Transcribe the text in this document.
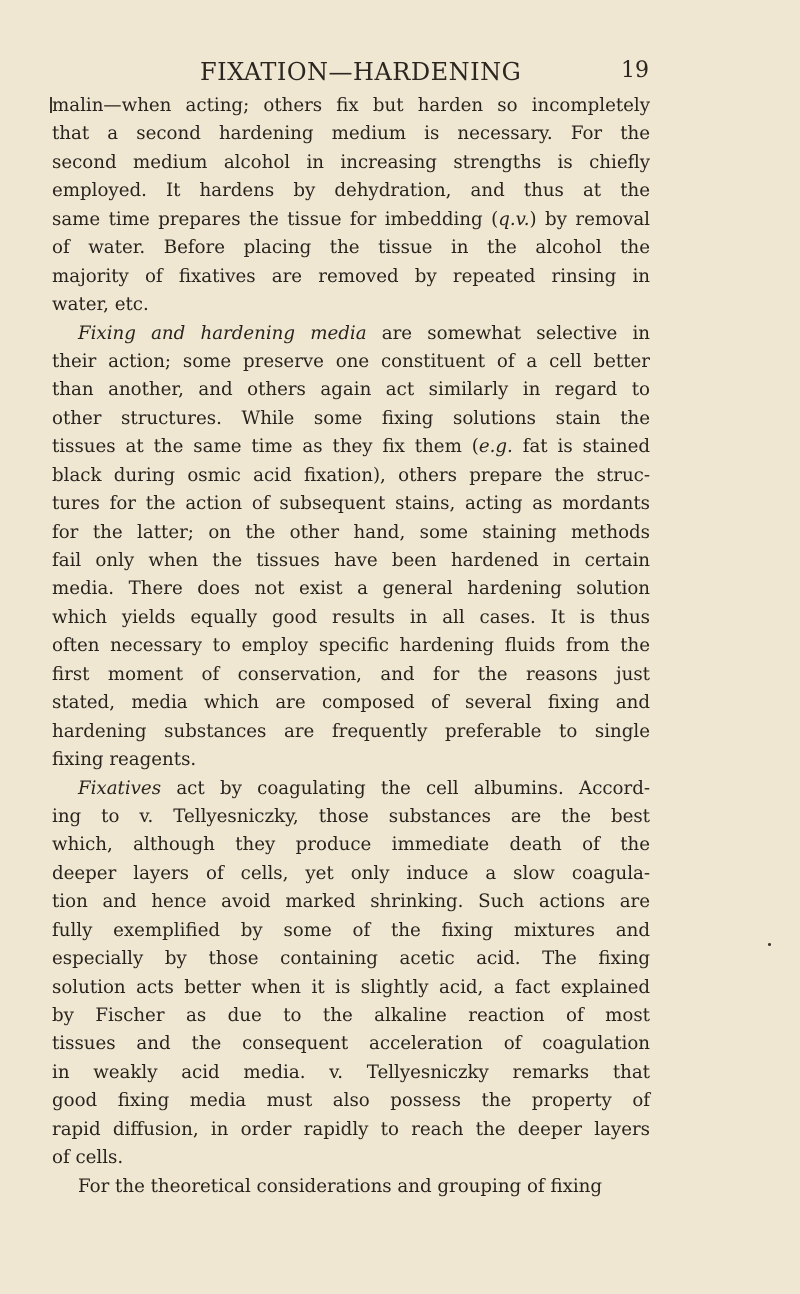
FIXATION—HARDENING	19
malin—when acting; others fix but harden so incompletely
that a second hardening medium is necessary. For the
second medium alcohol in increasing strengths is chiefly
employed. It hardens by dehydration, and thus at the
same time prepares the tissue for imbedding (q.v.) by removal
of water. Before placing the tissue in the alcohol the
majority of fixatives are removed by repeated rinsing in
water, etc.
Fixing and hardening media are somewhat selective in
their action; some preserve one constituent of a cell better
than another, and others again act similarly in regard to
other structures. While some fixing solutions stain the
tissues at the same time as they fix them (e.g. fat is stained
black during osmic acid fixation), others prepare the struc-
tures for the action of subsequent stains, acting as mordants
for the latter; on the other hand, some staining methods
fail only when the tissues have been hardened in certain
media. There does not exist a general hardening solution
which yields equally good results in all cases. It is thus
often necessary to employ specific hardening fluids from the
first moment of conservation, and for the reasons just
stated, media which are composed of several fixing and
hardening substances are frequently preferable to single
fixing reagents.
Fixatives act by coagulating the cell albumins. Accord-
ing to v. Tellyesniczky, those substances are the best
which, although they produce immediate death of the
deeper layers of cells, yet only induce a slow coagula-
tion and hence avoid marked shrinking. Such actions are
fully exemplified by some of the fixing mixtures and
especially by those containing acetic acid. The fixing
solution acts better when it is slightly acid, a fact explained
by Fischer as due to the alkaline reaction of most
tissues and the consequent acceleration of coagulation
in weakly acid media. v. Tellyesniczky remarks that
good fixing media must also possess the property of
rapid diffusion, in order rapidly to reach the deeper layers
of cells.
For the theoretical considerations and grouping of fixing
